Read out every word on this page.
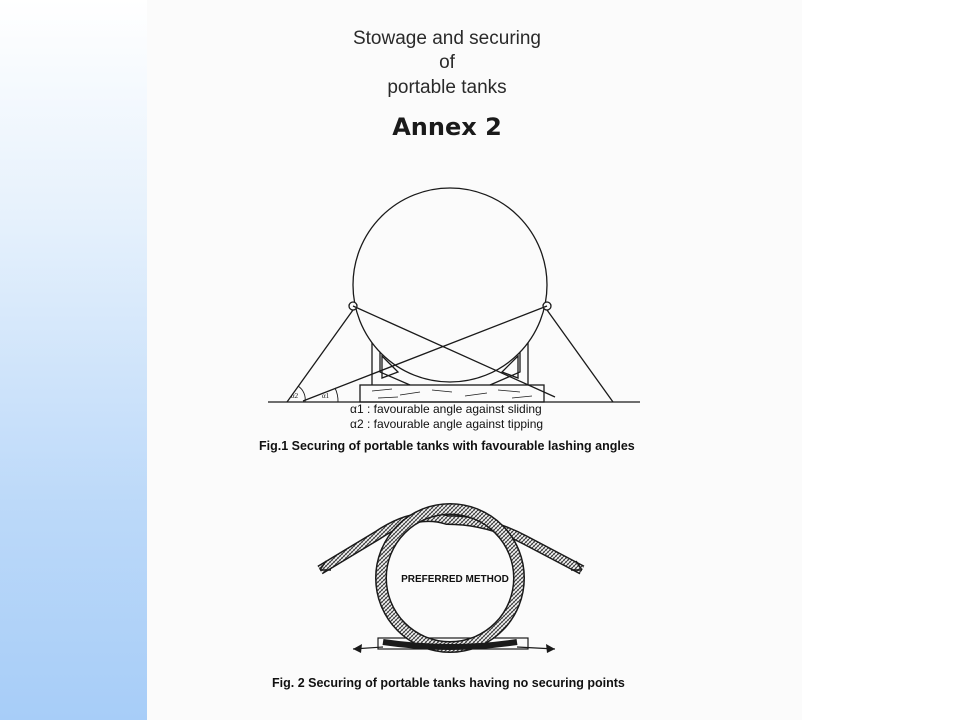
Stowage and securing
of
portable tanks
Annex 2
α2	α1
PREFERRED METHOD
α1 : favourable angle against sliding
α2 : favourable angle against tipping
Fig.1 Securing of portable tanks with favourable lashing angles
Fig. 2 Securing of portable tanks having no securing points
